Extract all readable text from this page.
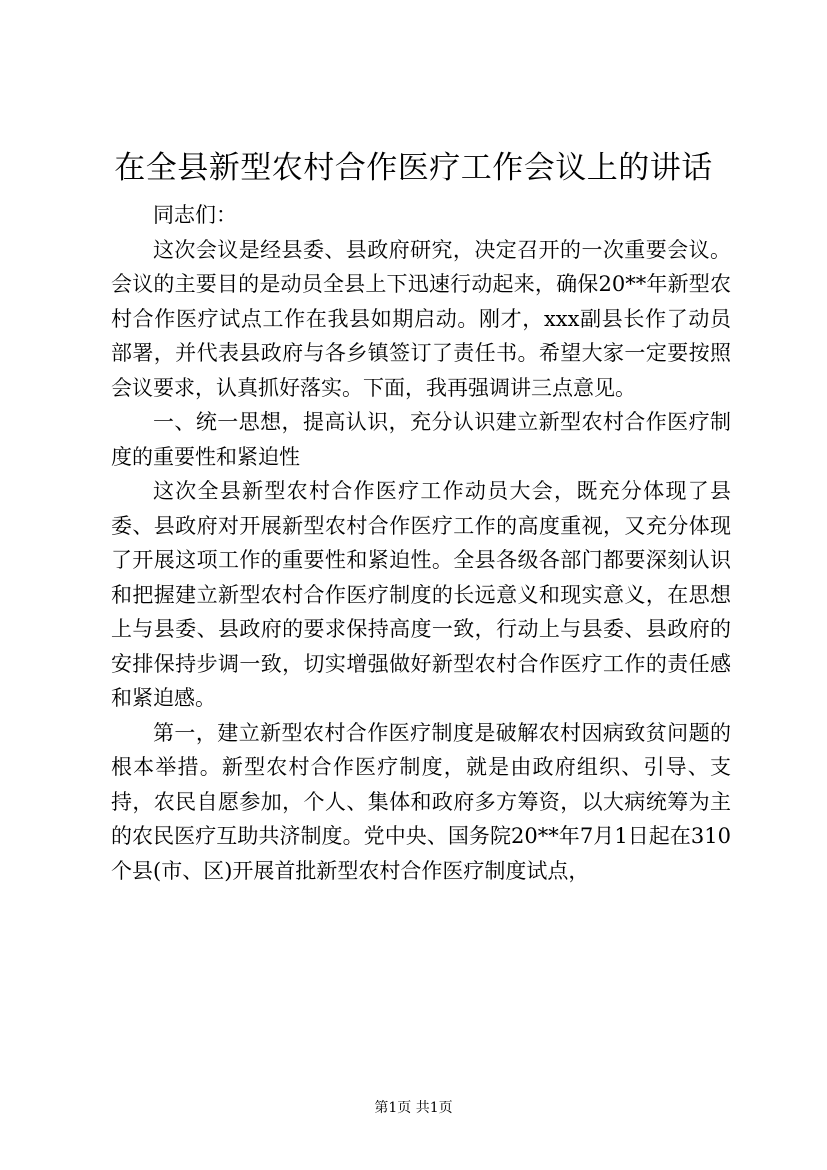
在全县新型农村合作医疗工作会议上的讲话

同志们：

这次会议是经县委、县政府研究，决定召开的一次重要会议。会议的主要目的是动员全县上下迅速行动起来，确保20**年新型农村合作医疗试点工作在我县如期启动。刚才，xxx副县长作了动员部署，并代表县政府与各乡镇签订了责任书。希望大家一定要按照会议要求，认真抓好落实。下面，我再强调讲三点意见。

一、统一思想，提高认识，充分认识建立新型农村合作医疗制度的重要性和紧迫性

这次全县新型农村合作医疗工作动员大会，既充分体现了县委、县政府对开展新型农村合作医疗工作的高度重视，又充分体现了开展这项工作的重要性和紧迫性。全县各级各部门都要深刻认识和把握建立新型农村合作医疗制度的长远意义和现实意义，在思想上与县委、县政府的要求保持高度一致，行动上与县委、县政府的安排保持步调一致，切实增强做好新型农村合作医疗工作的责任感和紧迫感。

第一，建立新型农村合作医疗制度是破解农村因病致贫问题的根本举措。新型农村合作医疗制度，就是由政府组织、引导、支持，农民自愿参加，个人、集体和政府多方筹资，以大病统筹为主的农民医疗互助共济制度。党中央、国务院20**年7月1日起在310个县(市、区)开展首批新型农村合作医疗制度试点，

第1页 共1页
